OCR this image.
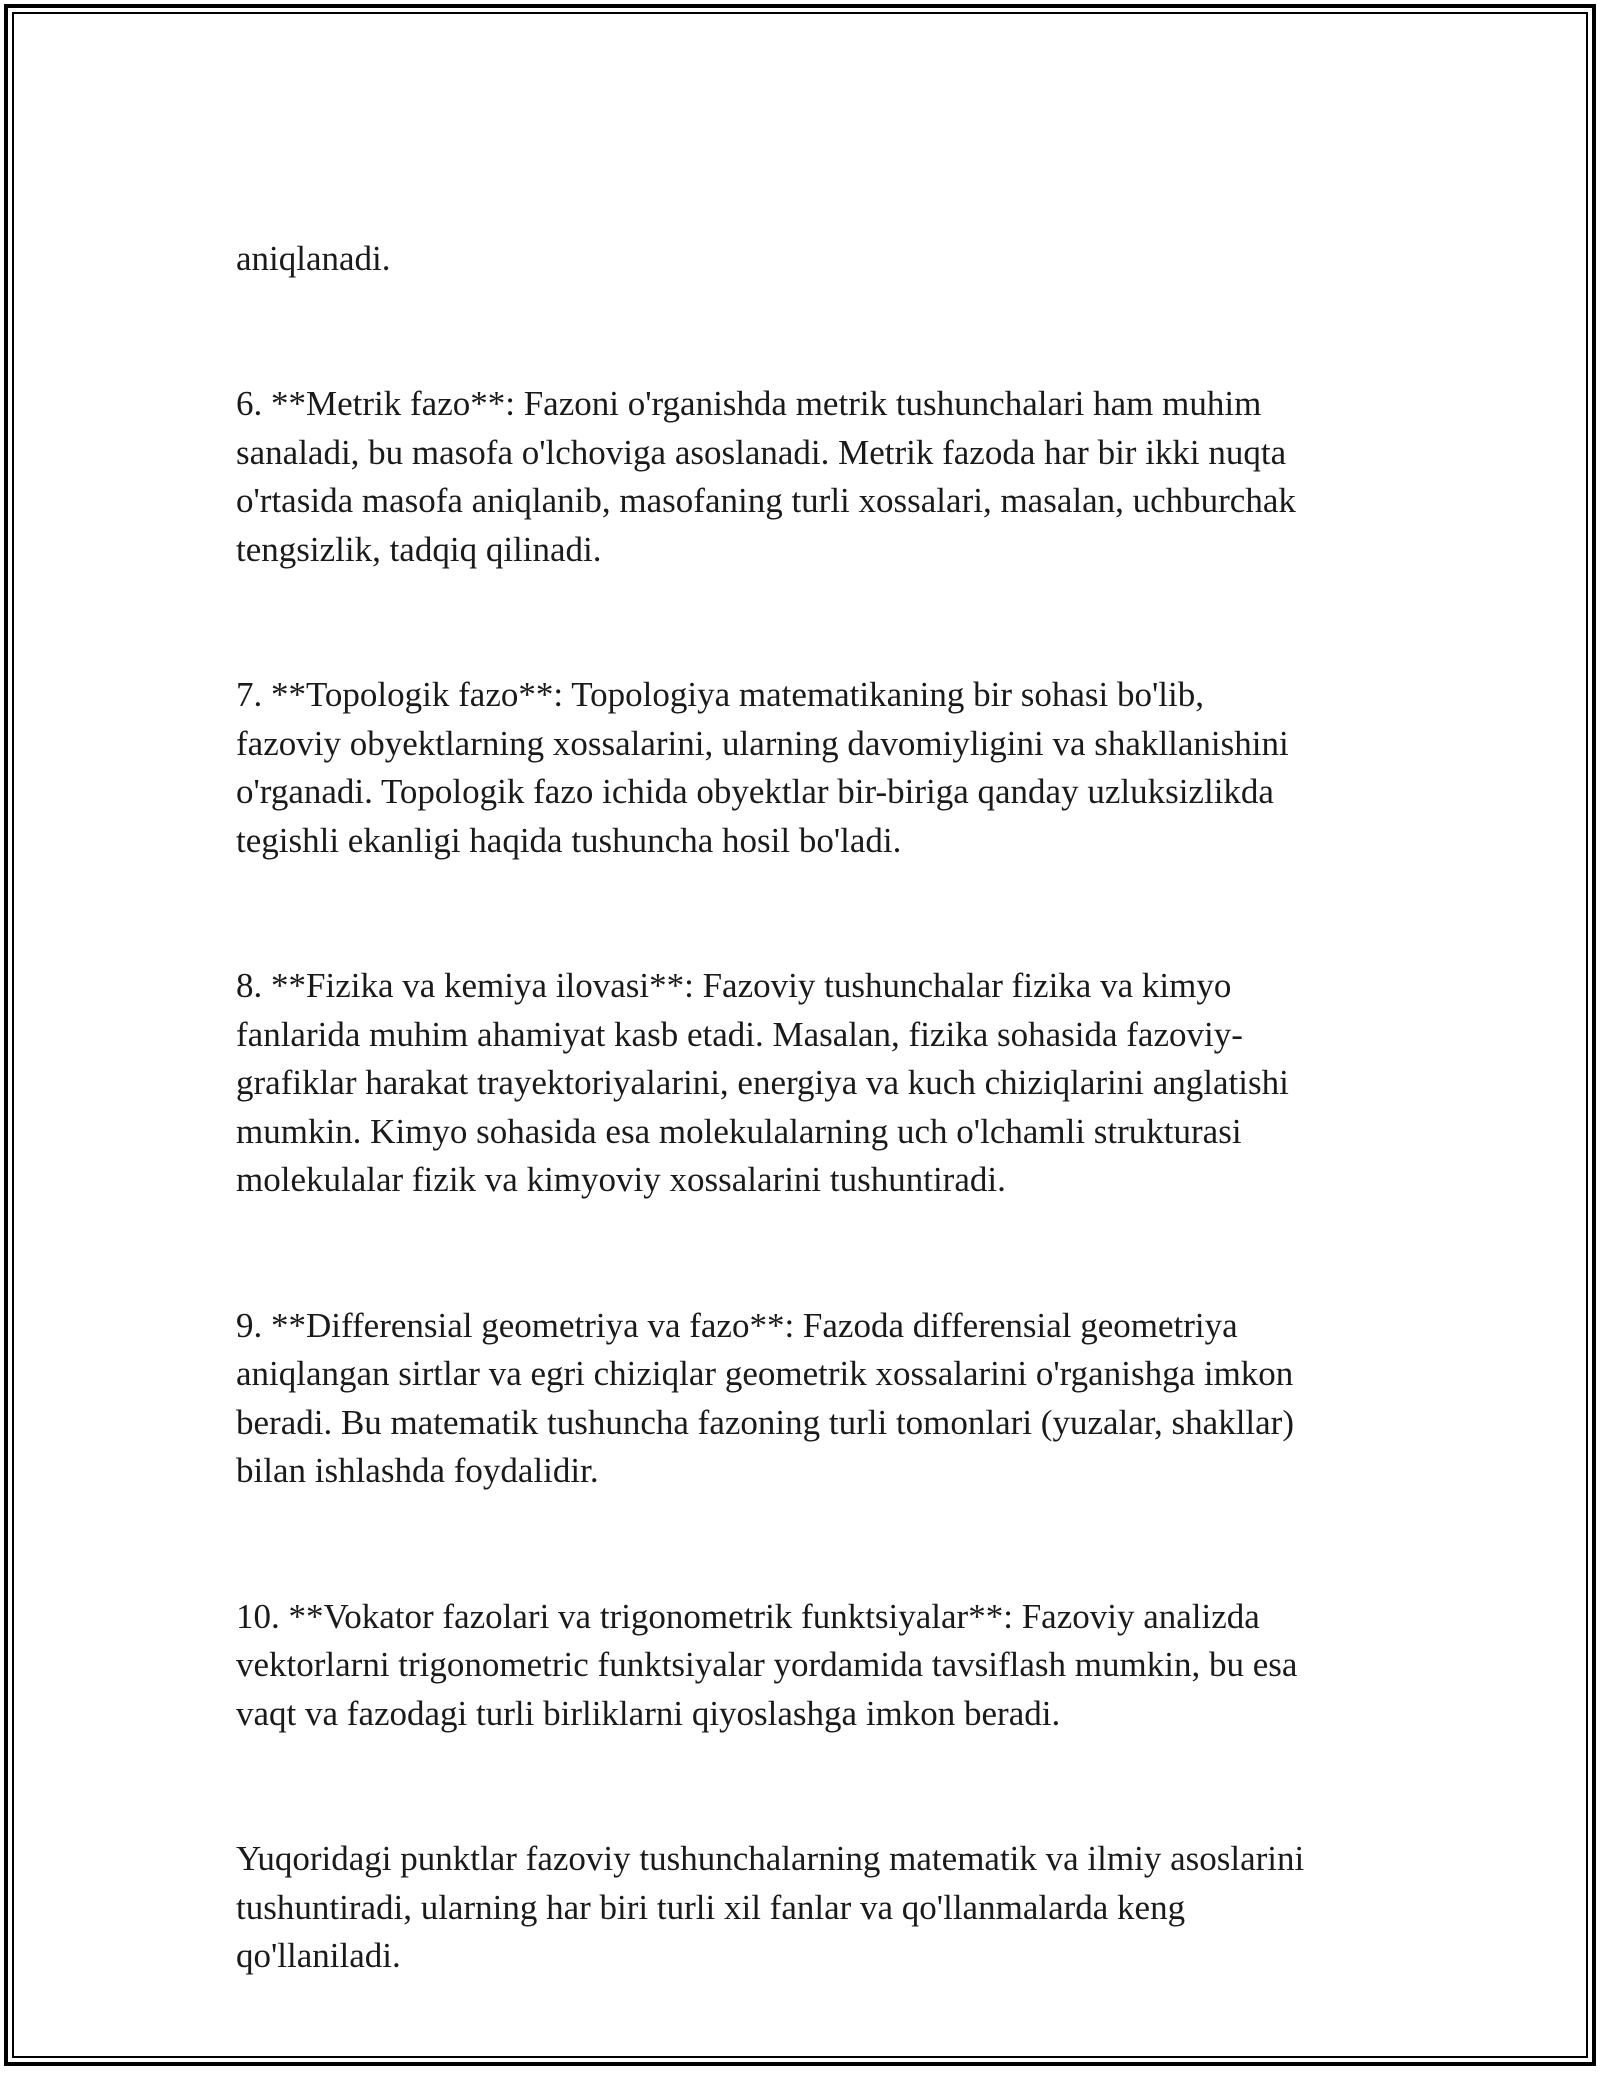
aniqlanadi.

6. **Metrik fazo**: Fazoni o'rganishda metrik tushunchalari ham muhim
sanaladi, bu masofa o'lchoviga asoslanadi. Metrik fazoda har bir ikki nuqta
o'rtasida masofa aniqlanib, masofaning turli xossalari, masalan, uchburchak
tengsizlik, tadqiq qilinadi.

7. **Topologik fazo**: Topologiya matematikaning bir sohasi bo'lib,
fazoviy obyektlarning xossalarini, ularning davomiyligini va shakllanishini
o'rganadi. Topologik fazo ichida obyektlar bir-biriga qanday uzluksizlikda
tegishli ekanligi haqida tushuncha hosil bo'ladi.

8. **Fizika va kemiya ilovasi**: Fazoviy tushunchalar fizika va kimyo
fanlarida muhim ahamiyat kasb etadi. Masalan, fizika sohasida fazoviy-
grafiklar harakat trayektoriyalarini, energiya va kuch chiziqlarini anglatishi
mumkin. Kimyo sohasida esa molekulalarning uch o'lchamli strukturasi
molekulalar fizik va kimyoviy xossalarini tushuntiradi.

9. **Differensial geometriya va fazo**: Fazoda differensial geometriya
aniqlangan sirtlar va egri chiziqlar geometrik xossalarini o'rganishga imkon
beradi. Bu matematik tushuncha fazoning turli tomonlari (yuzalar, shakllar)
bilan ishlashda foydalidir.

10. **Vokator fazolari va trigonometrik funktsiyalar**: Fazoviy analizda
vektorlarni trigonometric funktsiyalar yordamida tavsiflash mumkin, bu esa
vaqt va fazodagi turli birliklarni qiyoslashga imkon beradi.

Yuqoridagi punktlar fazoviy tushunchalarning matematik va ilmiy asoslarini
tushuntiradi, ularning har biri turli xil fanlar va qo'llanmalarda keng
qo'llaniladi.
